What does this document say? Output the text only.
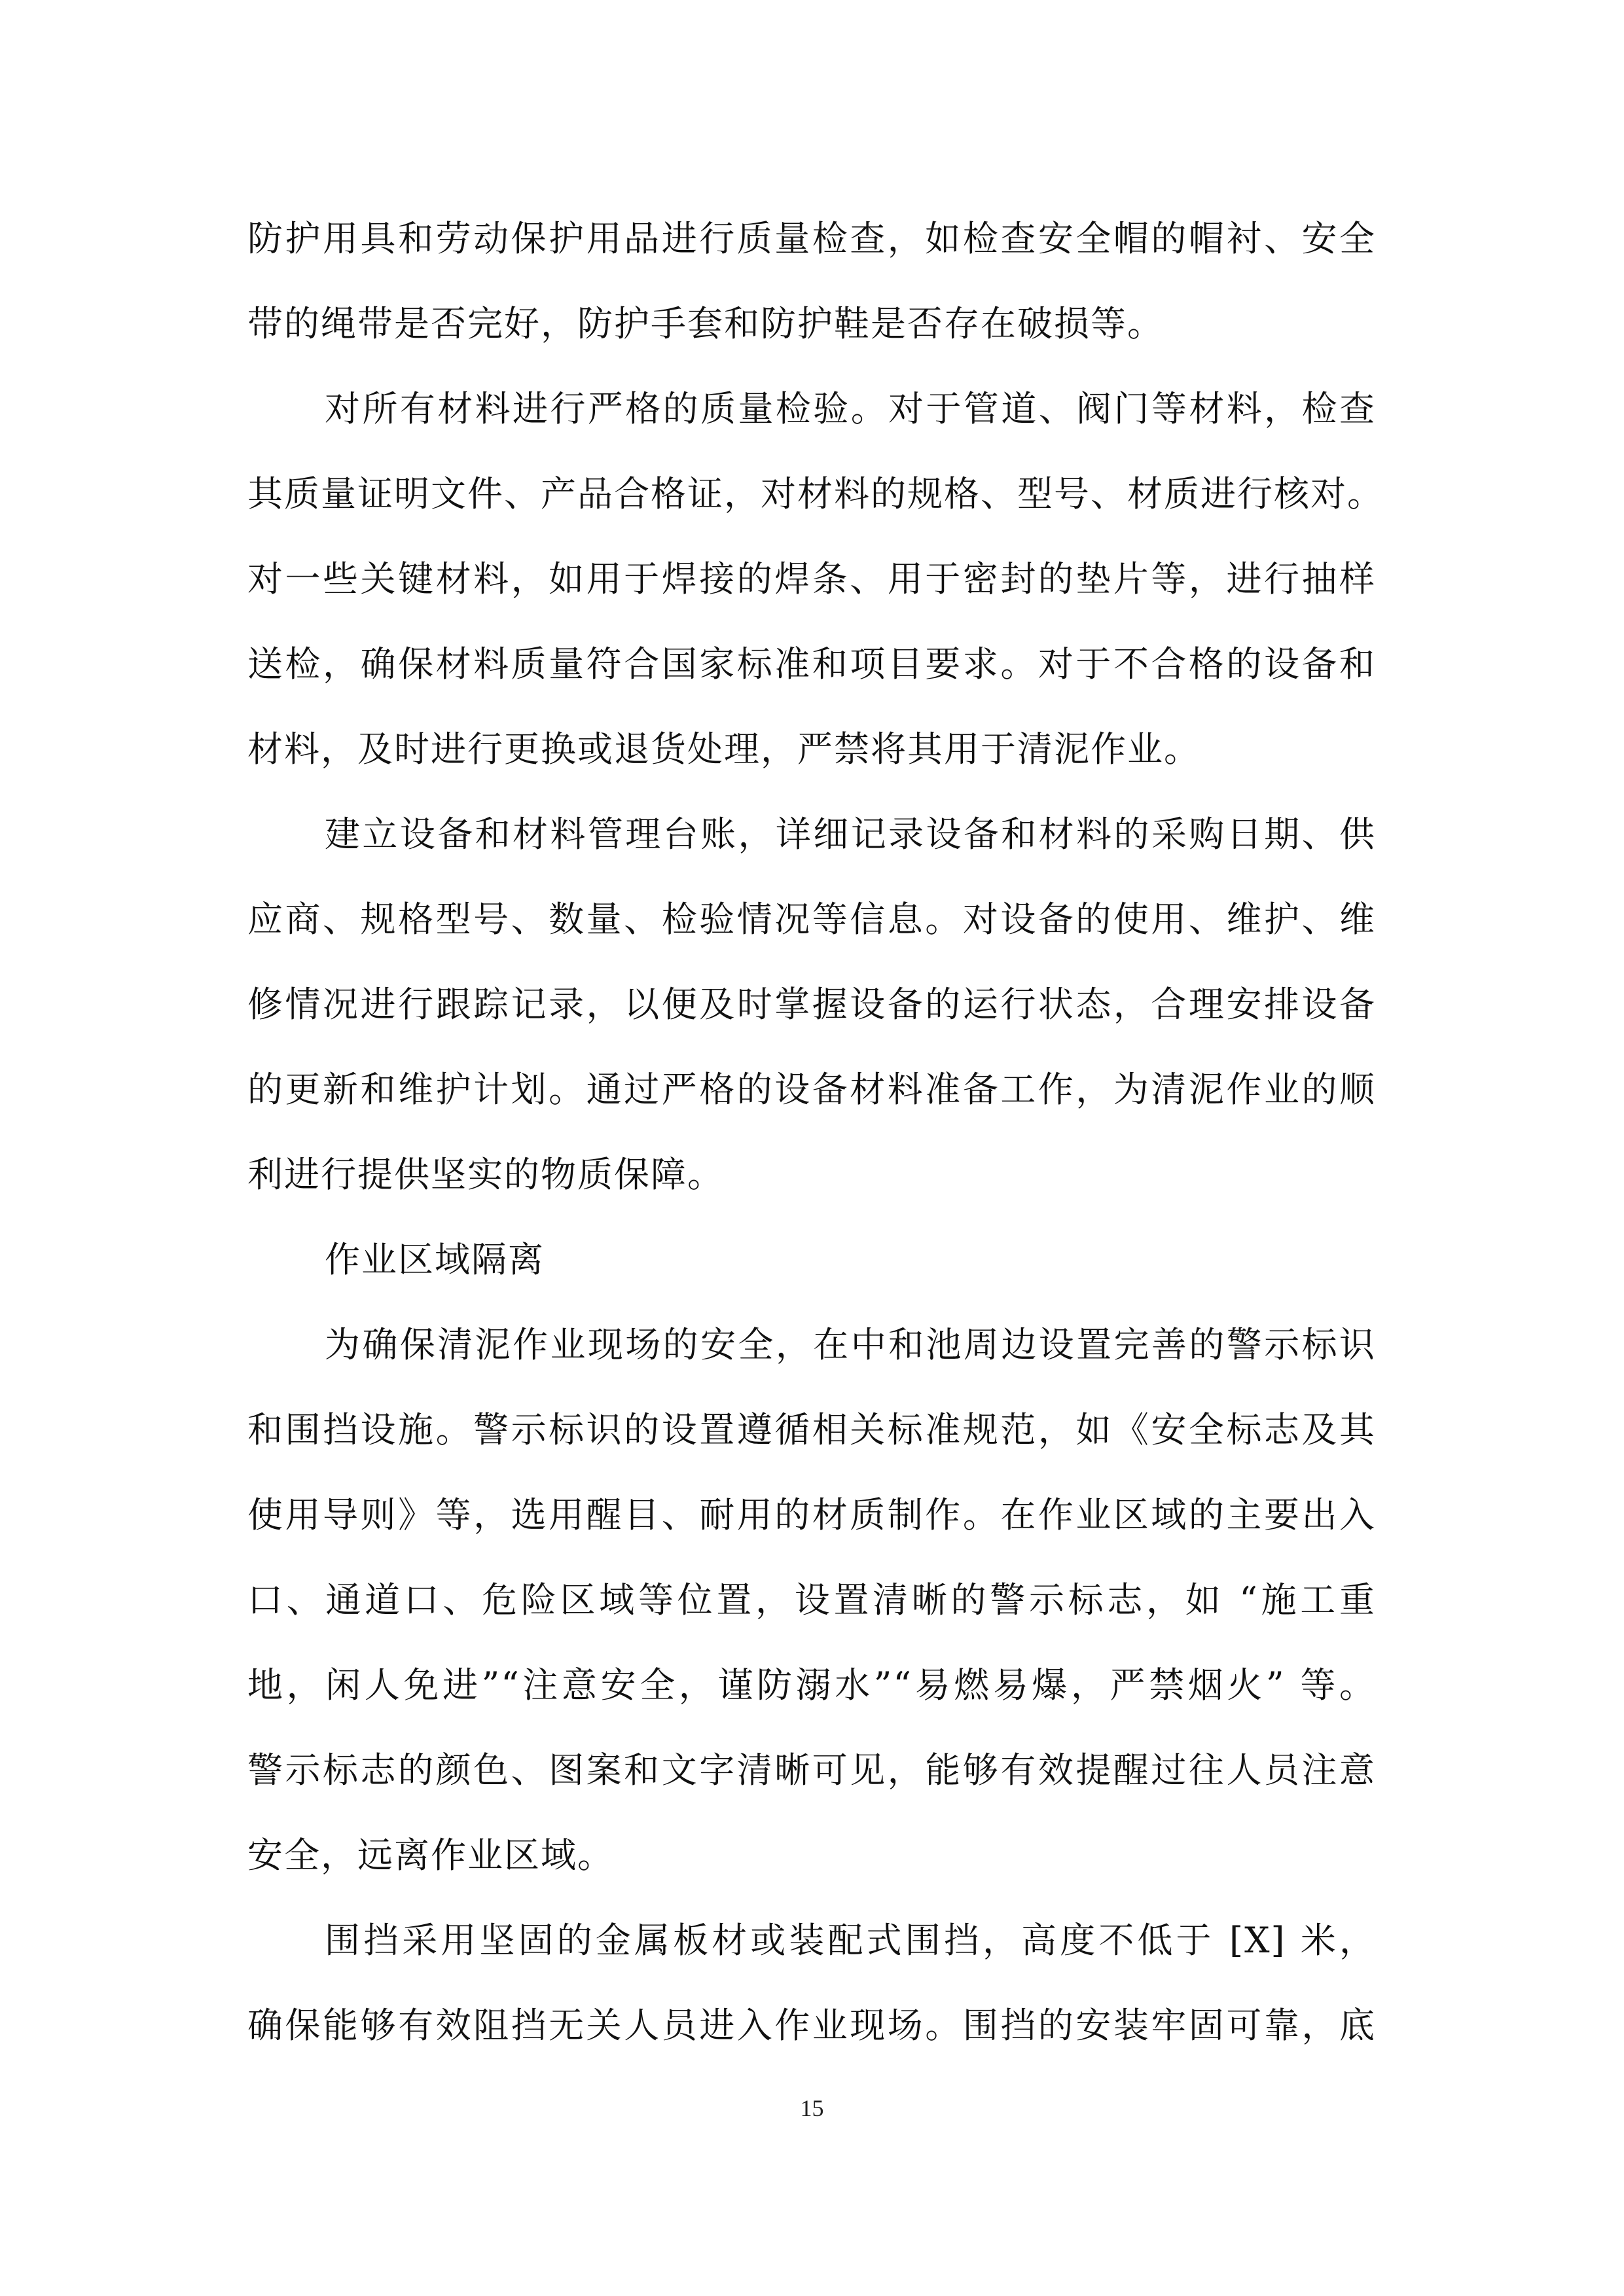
防护用具和劳动保护用品进行质量检查，如检查安全帽的帽衬、安全
带的绳带是否完好，防护手套和防护鞋是否存在破损等。
对所有材料进行严格的质量检验。对于管道、阀门等材料，检查
其质量证明文件、产品合格证，对材料的规格、型号、材质进行核对。
对一些关键材料，如用于焊接的焊条、用于密封的垫片等，进行抽样
送检，确保材料质量符合国家标准和项目要求。对于不合格的设备和
材料，及时进行更换或退货处理，严禁将其用于清泥作业。
建立设备和材料管理台账，详细记录设备和材料的采购日期、供
应商、规格型号、数量、检验情况等信息。对设备的使用、维护、维
修情况进行跟踪记录，以便及时掌握设备的运行状态，合理安排设备
的更新和维护计划。通过严格的设备材料准备工作，为清泥作业的顺
利进行提供坚实的物质保障。
作业区域隔离
为确保清泥作业现场的安全，在中和池周边设置完善的警示标识
和围挡设施。警示标识的设置遵循相关标准规范，如《安全标志及其
使用导则》等，选用醒目、耐用的材质制作。在作业区域的主要出入
口、通道口、危险区域等位置，设置清晰的警示标志，如 “施工重
地，闲人免进”“注意安全，谨防溺水”“易燃易爆，严禁烟火” 等。
警示标志的颜色、图案和文字清晰可见，能够有效提醒过往人员注意
安全，远离作业区域。
围挡采用坚固的金属板材或装配式围挡，高度不低于 [X] 米，
确保能够有效阻挡无关人员进入作业现场。围挡的安装牢固可靠，底
15
